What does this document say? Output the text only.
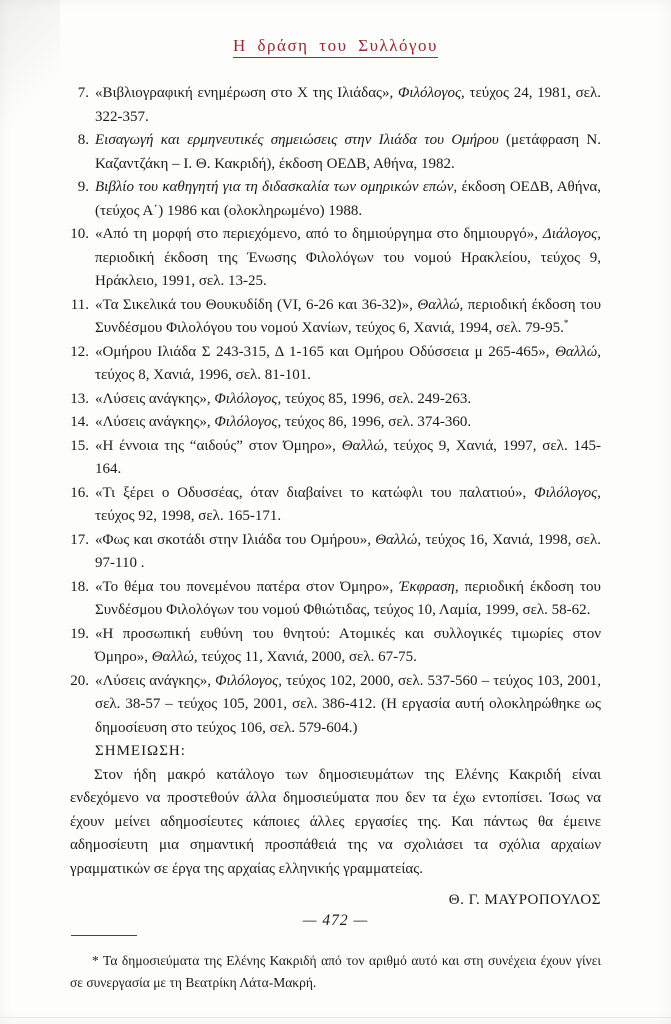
Η δράση του Συλλόγου
7. «Βιβλιογραφική ενημέρωση στο Χ της Ιλιάδας», Φιλόλογος, τεύχος 24, 1981, σελ. 322-357.
8. Εισαγωγή και ερμηνευτικές σημειώσεις στην Ιλιάδα του Ομήρου (μετάφραση Ν. Καζαντζάκη – Ι. Θ. Κακριδή), έκδοση ΟΕΔΒ, Αθήνα, 1982.
9. Βιβλίο του καθηγητή για τη διδασκαλία των ομηρικών επών, έκδοση ΟΕΔΒ, Αθήνα, (τεύχος Α΄) 1986 και (ολοκληρωμένο) 1988.
10. «Από τη μορφή στο περιεχόμενο, από το δημιούργημα στο δημιουργό», Διάλογος, περιοδική έκδοση της Ένωσης Φιλολόγων του νομού Ηρακλείου, τεύχος 9, Ηράκλειο, 1991, σελ. 13-25.
11. «Τα Σικελικά του Θουκυδίδη (VI, 6-26 και 36-32)», Θαλλώ, περιοδική έκδοση του Συνδέσμου Φιλολόγου του νομού Χανίων, τεύχος 6, Χανιά, 1994, σελ. 79-95.*
12. «Ομήρου Ιλιάδα Σ 243-315, Δ 1-165 και Ομήρου Οδύσσεια μ 265-465», Θαλλώ, τεύχος 8, Χανιά, 1996, σελ. 81-101.
13. «Λύσεις ανάγκης», Φιλόλογος, τεύχος 85, 1996, σελ. 249-263.
14. «Λύσεις ανάγκης», Φιλόλογος, τεύχος 86, 1996, σελ. 374-360.
15. «Η έννοια της “αιδούς” στον Όμηρο», Θαλλώ, τεύχος 9, Χανιά, 1997, σελ. 145-164.
16. «Τι ξέρει ο Οδυσσέας, όταν διαβαίνει το κατώφλι του παλατιού», Φιλόλογος, τεύχος 92, 1998, σελ. 165-171.
17. «Φως και σκοτάδι στην Ιλιάδα του Ομήρου», Θαλλώ, τεύχος 16, Χανιά, 1998, σελ. 97-110 .
18. «Το θέμα του πονεμένου πατέρα στον Όμηρο», Έκφραση, περιοδική έκδοση του Συνδέσμου Φιλολόγων του νομού Φθιώτιδας, τεύχος 10, Λαμία, 1999, σελ. 58-62.
19. «Η προσωπική ευθύνη του θνητού: Ατομικές και συλλογικές τιμωρίες στον Όμηρο», Θαλλώ, τεύχος 11, Χανιά, 2000, σελ. 67-75.
20. «Λύσεις ανάγκης», Φιλόλογος, τεύχος 102, 2000, σελ. 537-560 – τεύχος 103, 2001, σελ. 38-57 – τεύχος 105, 2001, σελ. 386-412. (Η εργασία αυτή ολοκληρώθηκε ως δημοσίευση στο τεύχος 106, σελ. 579-604.)

ΣΗΜΕΙΩΣΗ:

Στον ήδη μακρό κατάλογο των δημοσιευμάτων της Ελένης Κακριδή είναι ενδεχόμενο να προστεθούν άλλα δημοσιεύματα που δεν τα έχω εντοπίσει. Ίσως να έχουν μείνει αδημοσίευτες κάποιες άλλες εργασίες της. Και πάντως θα έμεινε αδημοσίευτη μια σημαντική προσπάθειά της να σχολιάσει τα σχόλια αρχαίων γραμματικών σε έργα της αρχαίας ελληνικής γραμματείας.

Θ. Γ. ΜΑΥΡΟΠΟΥΛΟΣ

* Τα δημοσιεύματα της Ελένης Κακριδή από τον αριθμό αυτό και στη συνέχεια έχουν γίνει σε συνεργασία με τη Βεατρίκη Λάτα-Μακρή.

— 472 —
